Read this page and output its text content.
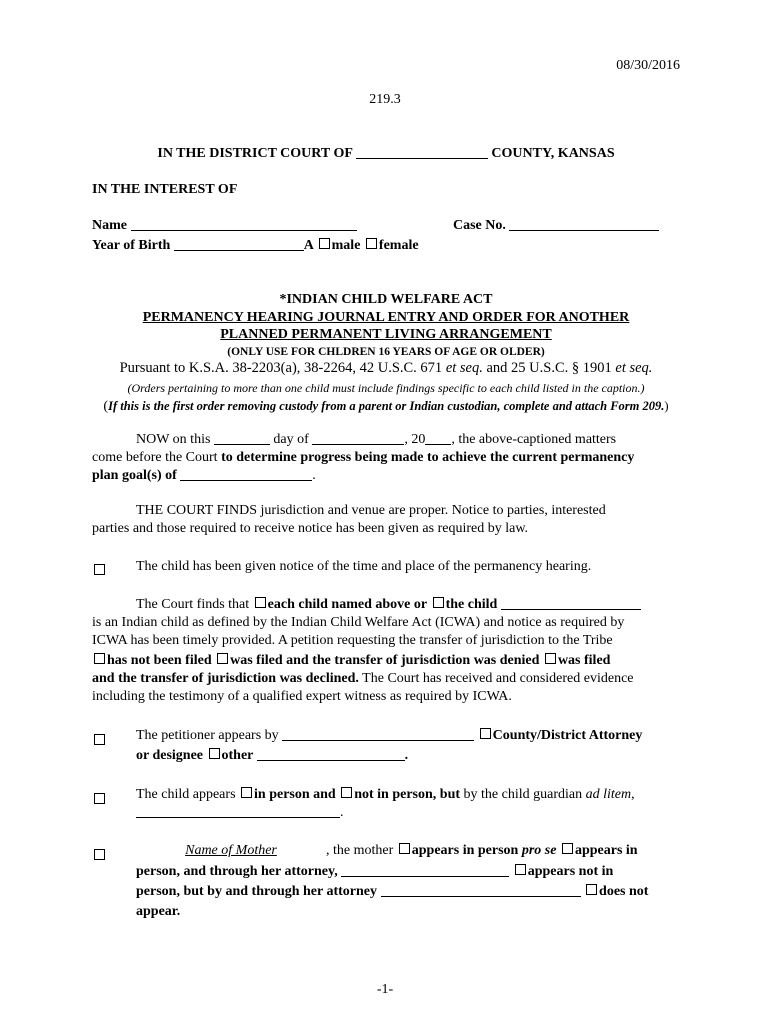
08/30/2016
219.3
IN THE DISTRICT COURT OF	COUNTY, KANSAS
IN THE INTEREST OF
Name	Case No.
Year of Birth	A male female
*INDIAN CHILD WELFARE ACT
PERMANENCY HEARING JOURNAL ENTRY AND ORDER FOR ANOTHER
PLANNED PERMANENT LIVING ARRANGEMENT
(ONLY USE FOR CHLDREN 16 YEARS OF AGE OR OLDER)
Pursuant to K.S.A. 38-2203(a), 38-2264, 42 U.S.C. 671 et seq. and 25 U.S.C. § 1901 et seq.
(Orders pertaining to more than one child must include findings specific to each child listed in the caption.)
(If this is the first order removing custody from a parent or Indian custodian, complete and attach Form 209.)
NOW on this	day of	, 20 , the above-captioned matters
come before the Court to determine progress being made to achieve the current permanency
plan goal(s) of	.
THE COURT FINDS jurisdiction and venue are proper. Notice to parties, interested
parties and those required to receive notice has been given as required by law.
The child has been given notice of the time and place of the permanency hearing.
The Court finds that each child named above or the child
is an Indian child as defined by the Indian Child Welfare Act (ICWA) and notice as required by
ICWA has been timely provided. A petition requesting the transfer of jurisdiction to the Tribe
has not been filed was filed and the transfer of jurisdiction was denied was filed
and the transfer of jurisdiction was declined. The Court has received and considered evidence
including the testimony of a qualified expert witness as required by ICWA.
The petitioner appears by	County/District Attorney
or designee other	.
The child appears in person and not in person, but by the child guardian ad litem,
.
Name of Mother	, the mother appears in person pro se appears in
person, and through her attorney,	appears not in
person, but by and through her attorney	does not
appear.
-1-
